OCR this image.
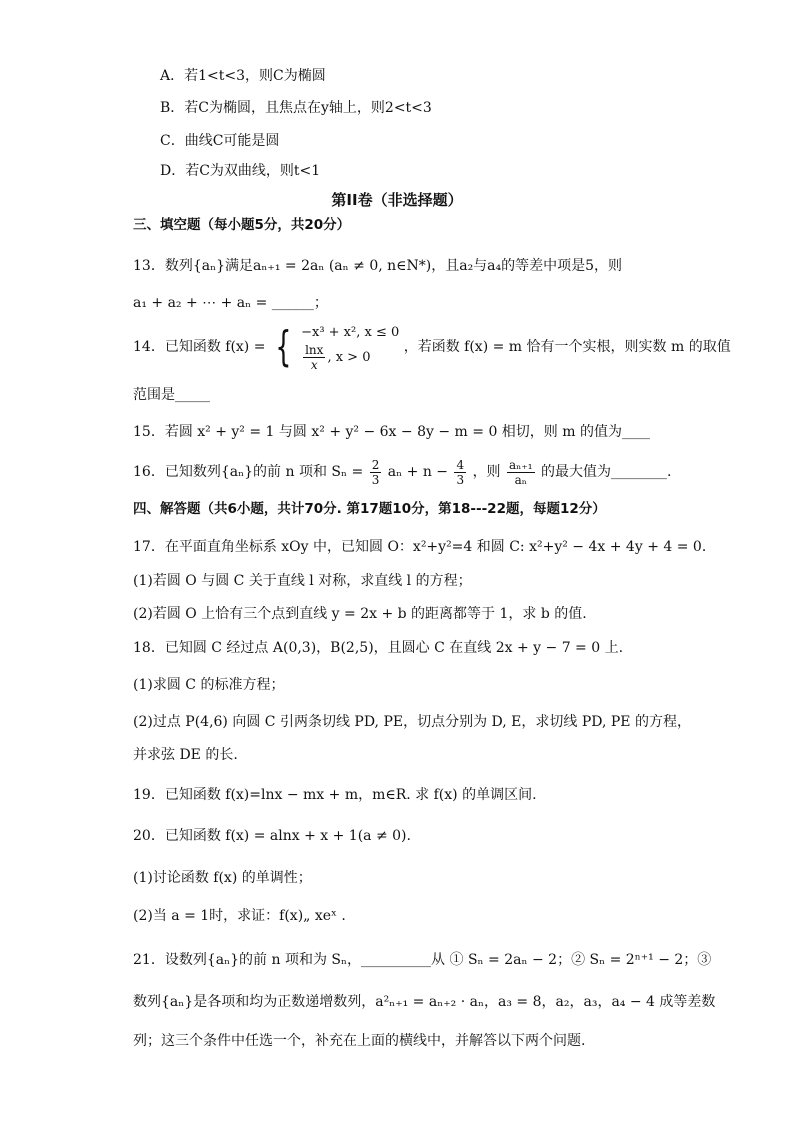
A．若1<t<3，则C为椭圆
B．若C为椭圆，且焦点在y轴上，则2<t<3
C．曲线C可能是圆
D．若C为双曲线，则t<1
第II卷（非选择题）
三、填空题（每小题5分，共20分）
13．数列{aₙ}满足aₙ₊₁ = 2aₙ (aₙ ≠ 0, n∈N*)，且a₂与a₄的等差中项是5，则
a₁ + a₂ + ⋯ + aₙ = ______；
14．已知函数 f(x) = { −x³ + x², x ≤ 0
$\frac{\ln x}{x}$ , x > 0
，若函数 f(x) = m 恰有一个实根，则实数 m 的取值
范围是_____
15．若圆 x² + y² = 1 与圆 x² + y² − 6x − 8y − m = 0 相切，则 m 的值为____
16．已知数列{aₙ}的前 n 项和 $S_n = \frac{2}{3}$ $a_n + n - \frac{4}{3}$ ，则 $\frac{\text{aₙ₊₁}}{\text{aₙ}}$ 的最大值为________.
四、解答题（共6小题，共计70分. 第17题10分，第18---22题，每题12分）
17．在平面直角坐标系 xOy 中，已知圆 O：x²+y²=4 和圆 C: x²+y² − 4x + 4y + 4 = 0．
(1)若圆 O 与圆 C 关于直线 l 对称，求直线 l 的方程；
(2)若圆 O 上恰有三个点到直线 y = 2x + b 的距离都等于 1，求 b 的值.
18．已知圆 C 经过点 A(0,3)，B(2,5)，且圆心 C 在直线 2x + y − 7 = 0 上.
(1)求圆 C 的标准方程；
(2)过点 P(4,6) 向圆 C 引两条切线 PD, PE，切点分别为 D, E，求切线 PD, PE 的方程，
并求弦 DE 的长.
19．已知函数 f(x)=lnx − mx + m，m∈R. 求 f(x) 的单调区间.
20．已知函数 f(x) = alnx + x + 1(a ≠ 0).
(1)讨论函数 f(x) 的单调性；
(2)当 a = 1时，求证：f(x)„ xeˣ .
21．设数列{aₙ}的前 n 项和为 Sₙ，__________从 ① Sₙ = 2aₙ − 2；② Sₙ = 2ⁿ⁺¹ − 2；③
数列{aₙ}是各项和均为正数递增数列，a²ₙ₊₁ = aₙ₊₂ · aₙ，a₃ = 8，a₂，a₃，a₄ − 4 成等差数
列；这三个条件中任选一个，补充在上面的横线中，并解答以下两个问题.
